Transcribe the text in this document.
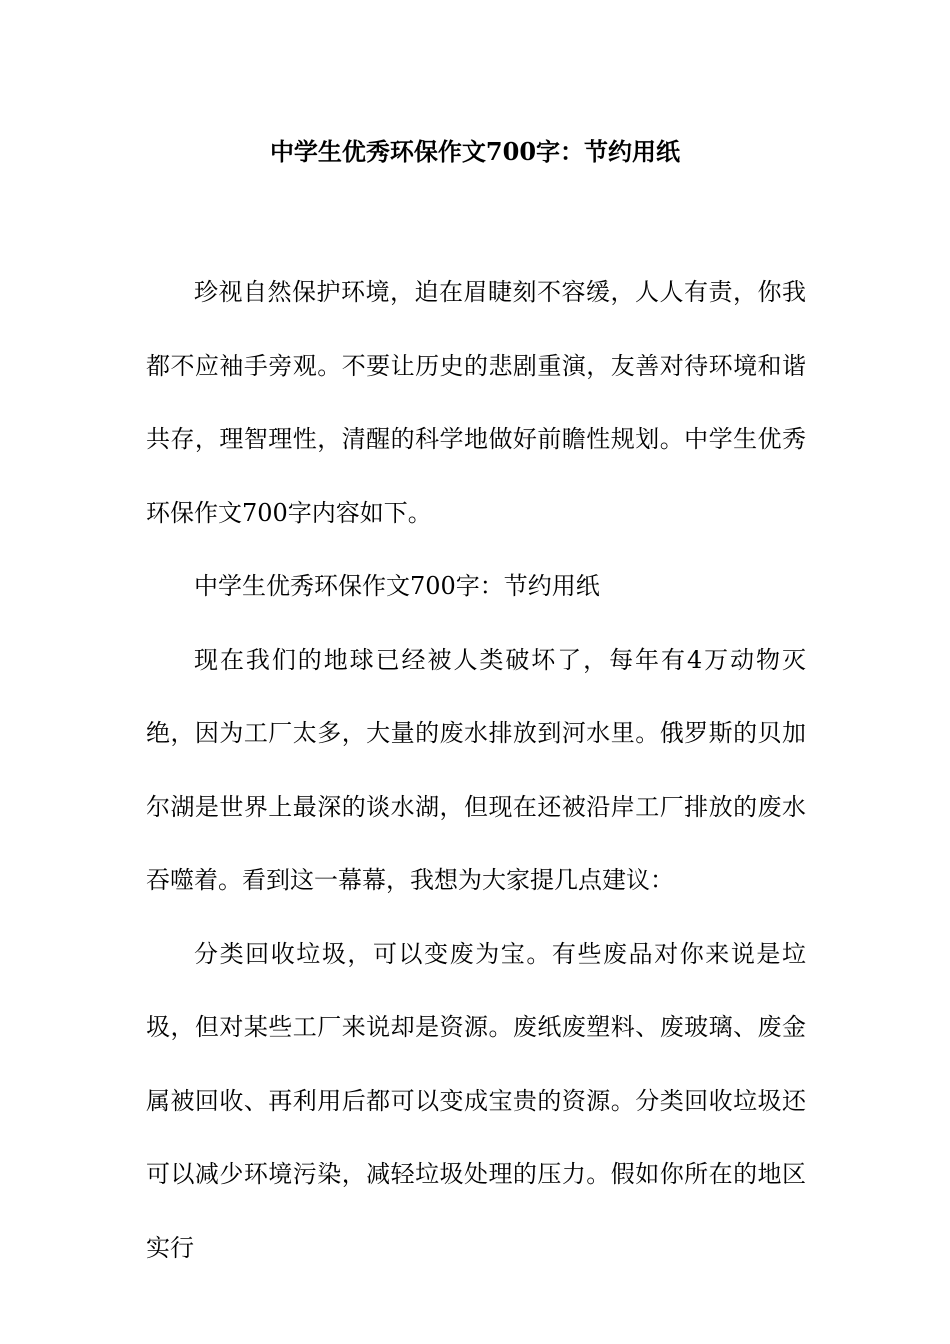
中学生优秀环保作文700字：节约用纸

珍视自然保护环境，迫在眉睫刻不容缓，人人有责，你我都不应袖手旁观。不要让历史的悲剧重演，友善对待环境和谐共存，理智理性，清醒的科学地做好前瞻性规划。中学生优秀环保作文700字内容如下。

中学生优秀环保作文700字：节约用纸

现在我们的地球已经被人类破坏了，每年有4万动物灭绝，因为工厂太多，大量的废水排放到河水里。俄罗斯的贝加尔湖是世界上最深的谈水湖，但现在还被沿岸工厂排放的废水吞噬着。看到这一幕幕，我想为大家提几点建议：

分类回收垃圾，可以变废为宝。有些废品对你来说是垃圾，但对某些工厂来说却是资源。废纸废塑料、废玻璃、废金属被回收、再利用后都可以变成宝贵的资源。分类回收垃圾还可以减少环境污染，减轻垃圾处理的压力。假如你所在的地区实行
